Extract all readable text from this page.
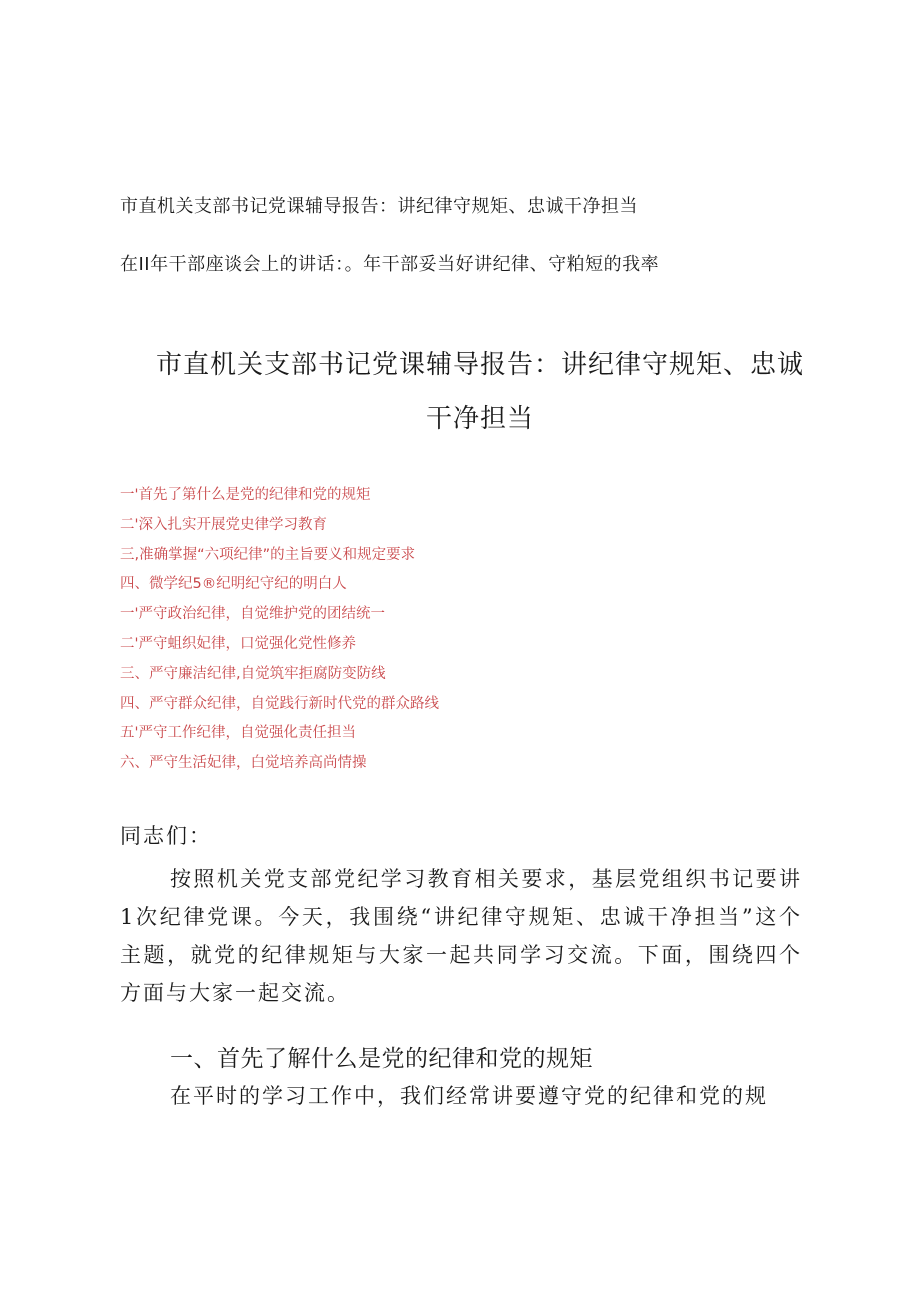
市直机关支部书记党课辅导报告：讲纪律守规矩、忠诚干净担当
在II年干部座谈会上的讲话：。年干部妥当好讲纪律、守粕短的我率
市直机关支部书记党课辅导报告：讲纪律守规矩、忠诚
干净担当
一'首先了第什么是党的纪律和党的规矩
二'深入扎实开展党史律学习教育
三,准确掌握“六项纪律”的主旨要义和规定要求
四、微学纪5®纪明纪守纪的明白人
一'严守政治纪律，自觉维护党的团结统一
二'严守蛆织妃律，口觉强化党性修养
三、严守廉洁纪律,自觉筑牢拒腐防变防线
四、严守群众纪律，自觉践行新时代党的群众路线
五'严守工作纪律，自觉强化责任担当
六、严守生活妃律，白觉培养高尚情操
同志们：
按照机关党支部党纪学习教育相关要求，基层党组织书记要讲1次纪律党课。今天，我围绕“讲纪律守规矩、忠诚干净担当”这个主题，就党的纪律规矩与大家一起共同学习交流。下面，围绕四个方面与大家一起交流。
一、首先了解什么是党的纪律和党的规矩
在平时的学习工作中，我们经常讲要遵守党的纪律和党的规
